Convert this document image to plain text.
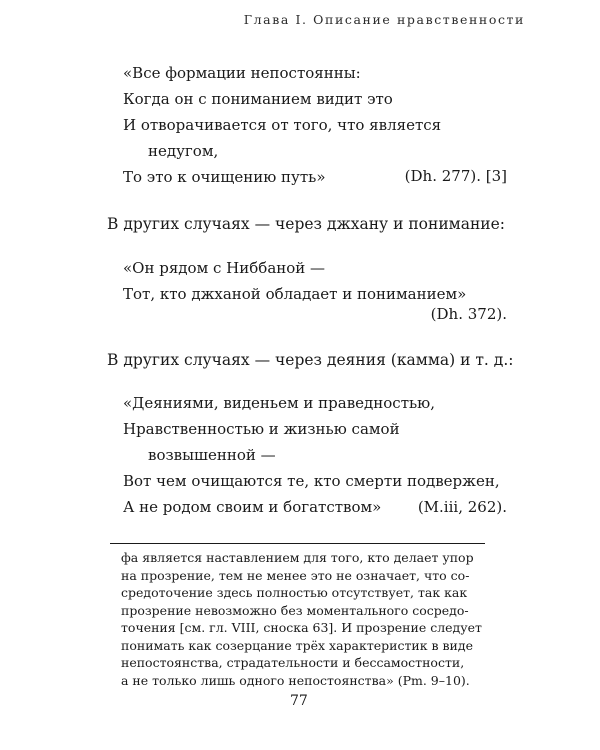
Глава I. Описание нравственности
«Все формации непостоянны:
Когда он с пониманием видит это
И отворачивается от того, что является
недугом,
То это к очищению путь»	(Dh. 277). [3]
В других случаях — через джхану и понимание:
«Он рядом с Ниббаной —
Тот, кто джханой обладает и пониманием»
(Dh. 372).
В других случаях — через деяния (камма) и т. д.:
«Деяниями, виденьем и праведностью,
Нравственностью и жизнью самой
возвышенной —
Вот чем очищаются те, кто смерти подвержен,
А не родом своим и богатством»	(M.iii, 262).
фа является наставлением для того, кто делает упор
на прозрение, тем не менее это не означает, что со-
средоточение здесь полностью отсутствует, так как
прозрение невозможно без моментального сосредо-
точения [см. гл. VIII, сноска 63]. И прозрение следует
понимать как созерцание трёх характеристик в виде
непостоянства, страдательности и бессамостности,
а не только лишь одного непостоянства» (Pm. 9–10).
77
